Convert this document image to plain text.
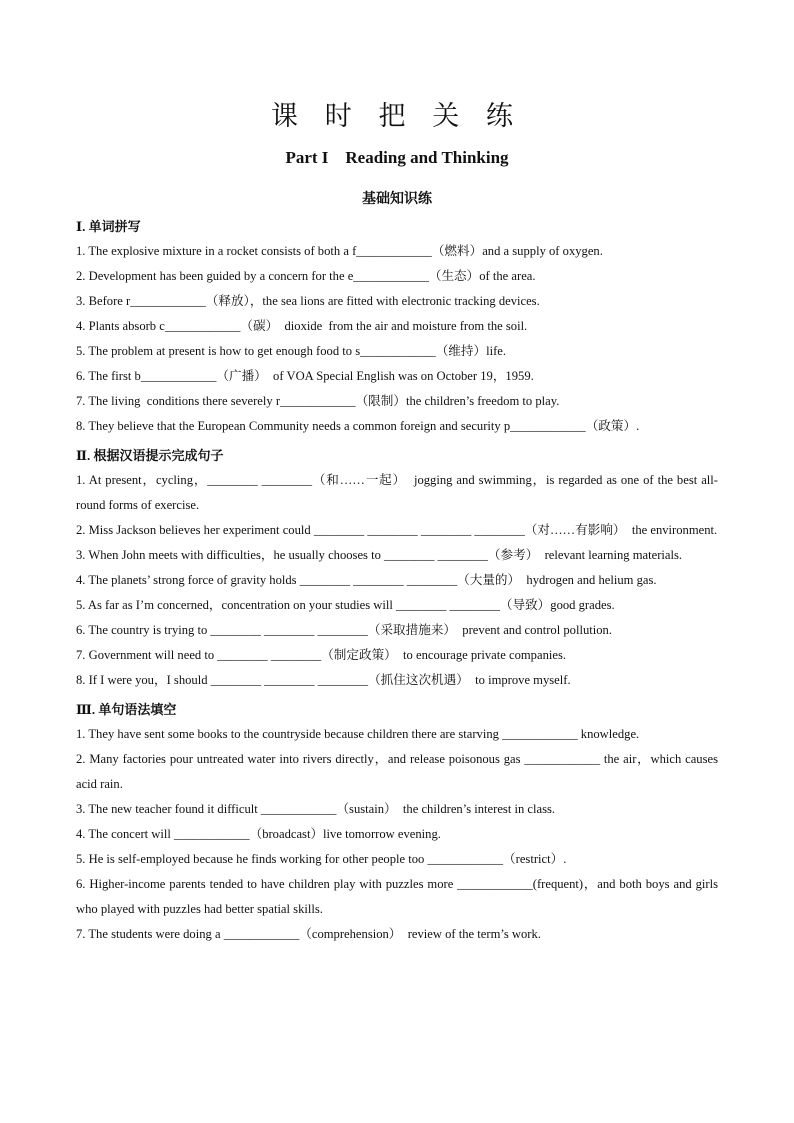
课 时 把 关 练
Part I    Reading and Thinking
基础知识练
Ⅰ. 单词拼写
1. The explosive mixture in a rocket consists of both a f____________（燃料）and a supply of oxygen.
2. Development has been guided by a concern for the e____________（生态）of the area.
3. Before r____________（释放），the sea lions are fitted with electronic tracking devices.
4. Plants absorb c____________（碳）  dioxide  from the air and moisture from the soil.
5. The problem at present is how to get enough food to s____________（维持）life.
6. The first b____________（广播）  of VOA Special English was on October 19，1959.
7. The living  conditions there severely r____________（限制）the children’s freedom to play.
8. They believe that the European Community needs a common foreign and security p____________（政策）.
Ⅱ. 根据汉语提示完成句子
1. At present，cycling，________ ________（和……一起）  jogging and swimming，is regarded as one of the best all-round forms of exercise.
2. Miss Jackson believes her experiment could ________ ________ ________ ________（对……有影响）  the environment.
3. When John meets with difficulties，he usually chooses to ________ ________（参考）  relevant learning materials.
4. The planets’ strong force of gravity holds ________ ________ ________（大量的）  hydrogen and helium gas.
5. As far as I’m concerned，concentration on your studies will ________ ________（导致）good grades.
6. The country is trying to ________ ________ ________（采取措施来）  prevent and control pollution.
7. Government will need to ________ ________（制定政策）  to encourage private companies.
8. If I were you，I should ________ ________ ________（抓住这次机遇）  to improve myself.
Ⅲ. 单句语法填空
1. They have sent some books to the countryside because children there are starving ____________ knowledge.
2. Many factories pour untreated water into rivers directly，and release poisonous gas ____________ the air，which causes acid rain.
3. The new teacher found it difficult ____________（sustain）  the children’s interest in class.
4. The concert will ____________（broadcast）live tomorrow evening.
5. He is self-employed because he finds working for other people too ____________（restrict）.
6. Higher-income parents tended to have children play with puzzles more ____________(frequent)，and both boys and girls who played with puzzles had better spatial skills.
7. The students were doing a ____________（comprehension）  review of the term’s work.
